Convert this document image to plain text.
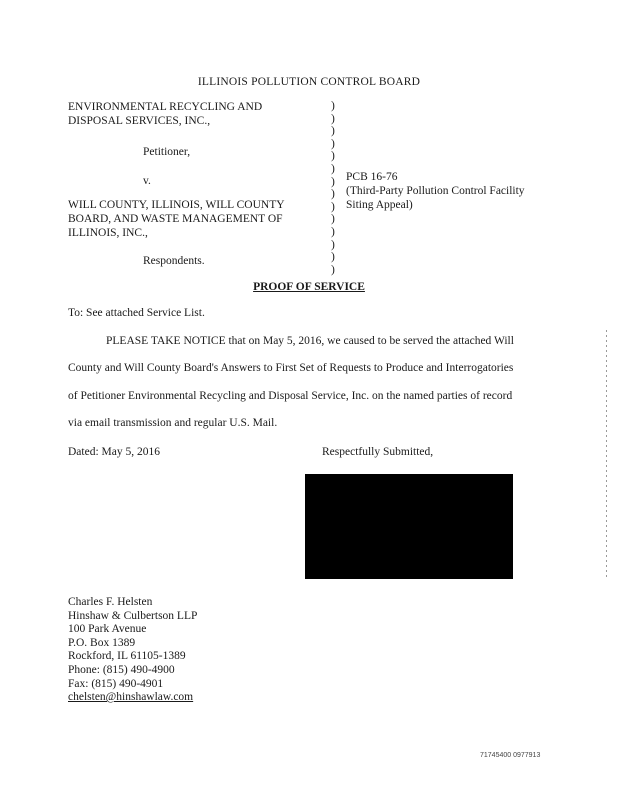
ILLINOIS POLLUTION CONTROL BOARD
ENVIRONMENTAL RECYCLING AND
DISPOSAL SERVICES, INC.,
Petitioner,
v.
WILL COUNTY, ILLINOIS, WILL COUNTY
BOARD, AND WASTE MANAGEMENT OF
ILLINOIS, INC.,
Respondents.
)
)
)
)
)
)
)
)
)
)
)
)
)
)
PCB 16-76
(Third-Party Pollution Control Facility
Siting Appeal)
PROOF OF SERVICE
To: See attached Service List.
PLEASE TAKE NOTICE that on May 5, 2016, we caused to be served the attached Will
County and Will County Board's Answers to First Set of Requests to Produce and Interrogatories
of Petitioner Environmental Recycling and Disposal Service, Inc. on the named parties of record
via email transmission and regular U.S. Mail.
Dated: May 5, 2016	Respectfully Submitted,
Charles F. Helsten
Hinshaw & Culbertson LLP
100 Park Avenue
P.O. Box 1389
Rockford, IL 61105-1389
Phone: (815) 490-4900
Fax: (815) 490-4901
chelsten@hinshawlaw.com
71745400 0977913
